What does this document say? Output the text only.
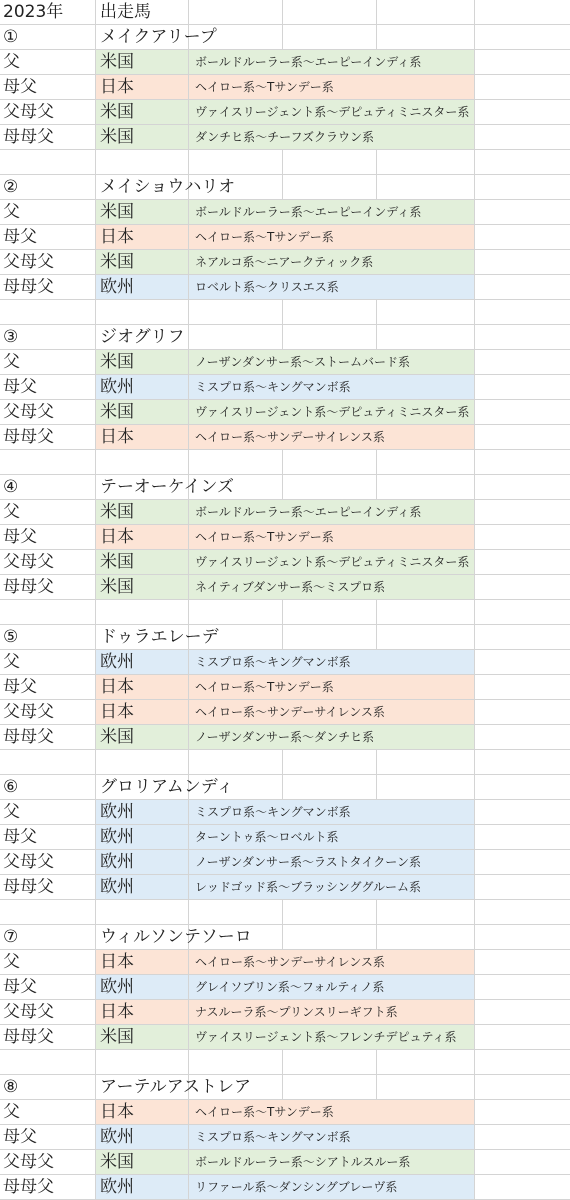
2023年	出走馬
①	メイクアリープ
父	米国	ボールドルーラー系～エーピーインディ系
母父	日本	ヘイロー系～Tサンデー系
父母父	米国	ヴァイスリージェント系～デピュティミニスター系
母母父	米国	ダンチヒ系～チーフズクラウン系
②	メイショウハリオ
父	米国	ボールドルーラー系～エーピーインディ系
母父	日本	ヘイロー系～Tサンデー系
父母父	米国	ネアルコ系～ニアークティック系
母母父	欧州	ロベルト系～クリスエス系
③	ジオグリフ
父	米国	ノーザンダンサー系～ストームバード系
母父	欧州	ミスプロ系～キングマンボ系
父母父	米国	ヴァイスリージェント系～デピュティミニスター系
母母父	日本	ヘイロー系～サンデーサイレンス系
④	テーオーケインズ
父	米国	ボールドルーラー系～エーピーインディ系
母父	日本	ヘイロー系～Tサンデー系
父母父	米国	ヴァイスリージェント系～デピュティミニスター系
母母父	米国	ネイティブダンサー系～ミスプロ系
⑤	ドゥラエレーデ
父	欧州	ミスプロ系～キングマンボ系
母父	日本	ヘイロー系～Tサンデー系
父母父	日本	ヘイロー系～サンデーサイレンス系
母母父	米国	ノーザンダンサー系～ダンチヒ系
⑥	グロリアムンディ
父	欧州	ミスプロ系～キングマンボ系
母父	欧州	ターントゥ系～ロベルト系
父母父	欧州	ノーザンダンサー系～ラストタイクーン系
母母父	欧州	レッドゴッド系～ブラッシンググルーム系
⑦	ウィルソンテソーロ
父	日本	ヘイロー系～サンデーサイレンス系
母父	欧州	グレイソブリン系～フォルティノ系
父母父	日本	ナスルーラ系～プリンスリーギフト系
母母父	米国	ヴァイスリージェント系～フレンチデピュティ系
⑧	アーテルアストレア
父	日本	ヘイロー系～Tサンデー系
母父	欧州	ミスプロ系～キングマンボ系
父母父	米国	ボールドルーラー系～シアトルスルー系
母母父	欧州	リファール系～ダンシングブレーヴ系
